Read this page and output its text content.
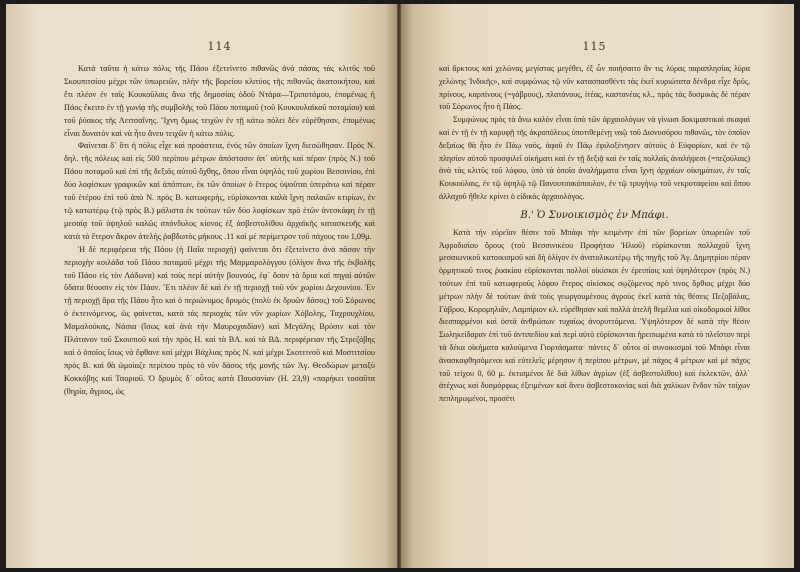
114

Κατά ταῦτα ἡ κάτω πόλις τῆς Πάου ἐξετείνετο πιθανῶς ἀνὰ πάσας τὰς κλιτῦς τοῦ Σκουπιτσίου μέχρι τῶν ὑπωρειῶν, πλὴν τῆς βορείου κλιτύος τῆς πιθανῶς ἀκατοικήτου, καὶ ἔτι πλέον ἐν ταῖς Κουκοῦλαις ἄνω τῆς δημοσίας ὁδοῦ Ντάρα—Τριποτάμου, ἐπομένως ἡ Πάος ἔκειτο ἐν τῇ γωνίᾳ τῆς συμβολῆς τοῦ Πάου ποταμοῦ (τοῦ Κουκουλαϊκοῦ ποταμίου) καὶ τοῦ ῥύακος τῆς Λειτσαΐνης. Ἴχνη ὅμως τειχῶν ἐν τῇ κάτω πόλει δὲν εὑρέθησαν, ἐπομένως εἶναι δυνατὸν καὶ νὰ ἦτο ἄνευ τειχῶν ἡ κάτω πόλις.

Φαίνεται δ᾽ ὅτι ἡ πόλις εἶχε καὶ προάστεια, ἐνός τῶν ὁποίων ἴχνη διεσώθησαν. Πρὸς Ν. δηλ. τῆς πόλεως καὶ εἰς 500 περίπου μέτρων ἀπόστασιν ἀπ᾽ αὐτῆς καὶ πέραν (πρὸς Ν.) τοῦ Πάου ποταμοῦ καὶ ἐπὶ τῆς δεξιᾶς αὐτοῦ ὄχθης, ὅπου εἶναι ὑψηλὸς τοῦ χωρίου Βεσσινίου, ἐπὶ δύο λοφίσκων γραφικῶν καὶ ἀπόπτων, ἐκ τῶν ὁποίων ὁ ἕτερος ὑψοῦται ὑπεράνω καὶ πέραν τοῦ ἑτέρου ἐπὶ τοῦ ἀπὸ Ν. πρὸς Β. κατωφερὴς, εὑρίσκονται καλὰ ἴχνη παλαιῶν κτιρίων, ἐν τῷ κατωτέρῳ (τῷ πρὸς Β.) μάλιστα ἐκ τούτων τῶν δύο λοφίσκων πρὸ ἐτῶν ἀνεσκάφη ἐν τῇ μεσαίᾳ τοῦ ὑψηλοῦ καλῶς σπόνδυλος κίονος ἐξ ἀσβεστολίθου ἀρχαϊκῆς κατασκευῆς καὶ κατὰ τὸ ἕτερον ἄκρον ἀτελὴς ῥαβδωτὸς μήκους .11 καὶ μὲ περίμετρον τοῦ πάχους του 1,09μ.

Ἡ δὲ περιφέρεια τῆς Πάου (ἡ Παΐα περιοχή) φαίνεται ὅτι ἐξετείνετο ἀνὰ πᾶσαν τὴν περιοχὴν κοιλάδα τοῦ Πάου ποταμοῦ μέχρι τῆς Μαρμαρολόγγου (ὀλίγον ἄνω τῆς ἐκβολῆς τοῦ Πάου εἰς τὸν Λάδωνα) καὶ τοὺς περὶ αὐτὴν βουνούς, ἐφ᾽ ὅσον τὰ ὅρια καὶ πηγαὶ αὐτῶν ὕδατα θέουσιν εἰς τὸν Πάον. Ἔτι πλέον δὲ καὶ ἐν τῇ περιοχῇ τοῦ νῦν χωρίου Δεχουνίου. Ἐν τῇ περιοχῇ ἄρα τῆς Πάου ἦτο καὶ ὁ περιώνυμος δρυμὸς (πολὺ ἐκ δρυῶν δάσος) τοῦ Σόρωνος ὁ ἐκτεινόμενος, ὡς φαίνεται, κατὰ τὰς περιοχὰς τῶν νῦν χωρίων Χόβολης, Ταχρουχλίου, Μαμαλούκας, Νάσια (ἴσως καὶ ἀνὰ τὴν Μαυροχαιδίαν) καὶ Μεγάλης Βρύσιν καὶ τὸν Πλάτανον τοῦ Σκουπιοῦ καὶ τὴν πρὸς Η. καὶ τὰ ΒΑ. καὶ τὰ ΒΔ. περιφέρειαν τῆς Στρεζόβης καὶ ὁ ὁποῖος ἴσως νὰ ἔφθανε καὶ μέχρι Βάχλιας πρὸς Ν. καὶ μέχρι Σκοτεινοῦ καὶ Μοστιτσίου πρὸς Β. καὶ θὰ ὡμοίαζε περίπου πρὸς τὸ νῦν δάσος τῆς μονῆς τῶν Ἁγ. Θεοδώρων μεταξὺ Κοκκόβης καὶ Ταοριοῦ. Ὁ δρυμὸς δ᾽ οὗτος κατὰ Παυσανίαν (Η. 23,9) «παρήκει τοσαῦτα (θηρία, ἄγριος, ὡς

115

καὶ ἄρκτους καὶ χελώνας μεγίστας μεγέθει, ἐξ ὧν ποιήσαιτο ἄν τις λύρας παραπλησίας λύρα χελώνης Ἰνδικῆς», καὶ συμφώνως τῷ νῦν κατασπασθέντι τὰς ἐκεῖ κυριώτατα δένδρα εἶχε δρῦς, πρίνους, καρπίνους (=γάβρους), πλατάνους, ἰτέας, καστανέας κλ., πρὸς τὰς δυσμικὰς δὲ πέραν τοῦ Σόρωνος ἦτο ἡ Πάος.

Συμφώνως πρὸς τὰ ἄνω καλὸν εἶναι ὑπὸ τῶν ἀρχαιολόγων νὰ γίνωσι δοκιμαστικαὶ σκαφαὶ καὶ ἐν τῇ ἐν τῇ κορυφῇ τῆς ἀκροπόλεως ὑποτιθεμένῃ ναῷ τοῦ Διονυσόρου πιθανῶς, τὸν ὁποῖον δεξαίως θὰ ἦτο ἐν Πάῳ ναός, ἀφοῦ ἐν Πάῳ ἐφιλοξένησεν αὐτοὺς ὁ Εὐφορίων, καὶ ἐν τῷ πλησίον αὐτοῦ προσφιλεῖ οἰκήματι καὶ ἐν τῇ δεξιᾷ καὶ ἐν ταῖς πολλαῖς ἀναλήψεσι (=πεζούλαις) ἀνὰ τὰς κλιτῦς τοῦ λόφου, ὑπὸ τὰ ὁποῖα ἀναλήμματα εἶναι ἴχνη ἀρχαίων οἰκημάτων, ἐν ταῖς Κουκούλαις, ἐν τῷ ὑψηλῷ τῷ Πανουτσακόπουλον, ἐν τῷ τρυγήνῳ τοῦ νεκροταφείου καὶ ὅπου ἀλλαχοῦ ἤθελε κρίνει ὁ εἰδικὸς ἀρχαιολόγος.

Β.' Ὁ Συνοικισμὸς ἐν Μπάφι.

Κατὰ τὴν εὐρεῖαν θέσιν τοῦ Μπάφι τὴν κειμένην ἐπὶ τῶν βορείων ὑπωρειῶν τοῦ Ἀφροδισίου ὄρους (τοῦ Βεσσινικέου Προφήτου Ἡλιοῦ) εὑρίσκονται πολλαχοῦ ἴχνη μεσαιωνικοῦ κατοικισμοῦ καὶ δὴ ὀλίγον ἐν ἀνατολικωτέρῳ τῆς πηγῆς τοῦ Ἁγ. Δημητρίου πέραν ὁρμητικοῦ τινος ῥυακίου εὑρίσκονται πολλοὶ οἰκίσκοι ἐν ἐρειπίοις καὶ ὑψηλότερον (πρὸς Ν.) τούτων ἐπὶ τοῦ κατωφεροῦς λόφου ἕτερος οἰκίσκος σῳζόμενος πρὸ τινος ὄρθιος μέχρι δύο μέτρων πλὴν δὲ τούτων ἀνὰ τοὺς γεωργουμένους ἀγροὺς ἐκεῖ κατὰ τὰς θέσεις Πεζοβάλας, Γάβρου, Κορομηλιᾶν, Λαμπίριον κλ. εὑρέθησαν καὶ πολλὰ ἀτελῆ θεμέλια καὶ οἰκοδομικοὶ λίθοι διεσπαρμένοι καὶ ὀστᾶ ἀνθρώπων τυχαίως ἀνορυττόμενα. Ὑψηλότερον δὲ κατὰ τὴν θέσιν Σωληκείδαραν ἐπὶ τοῦ ἀντιπεδίου καὶ περὶ αὐτὸ εὑρίσκονται ἡρειπωμένα κατὰ τὸ πλεῖστον περὶ τὰ δέκα οἰκήματα καλούμενα Γιορτάσματα· πάντες δ᾽ οὗτοι οἱ συνοικισμοὶ τοῦ Μπάφι εἶναι ἀνασκαφθησόμενοι καὶ εὐτελεῖς μέρησον ἡ περίπου μέτρων, μὲ πάχος 4 μέτρων καὶ μὲ πάχος τοῦ τείχου 0, 60 μ. ἐκτισμένοι δὲ διὰ λίθων ἀγρίων (ἐξ ἀσβεστολίθου) καὶ ἐκλεκτῶν, ἀλλ᾽ ἀτέχνως καὶ δυσμόρφως ἐξειμένων καὶ ἄνευ ἀσβεστοκονίας καὶ διὰ χαλίκων ἔνδον τῶν τοίχων πεπληρωμένοι, προσέτι
